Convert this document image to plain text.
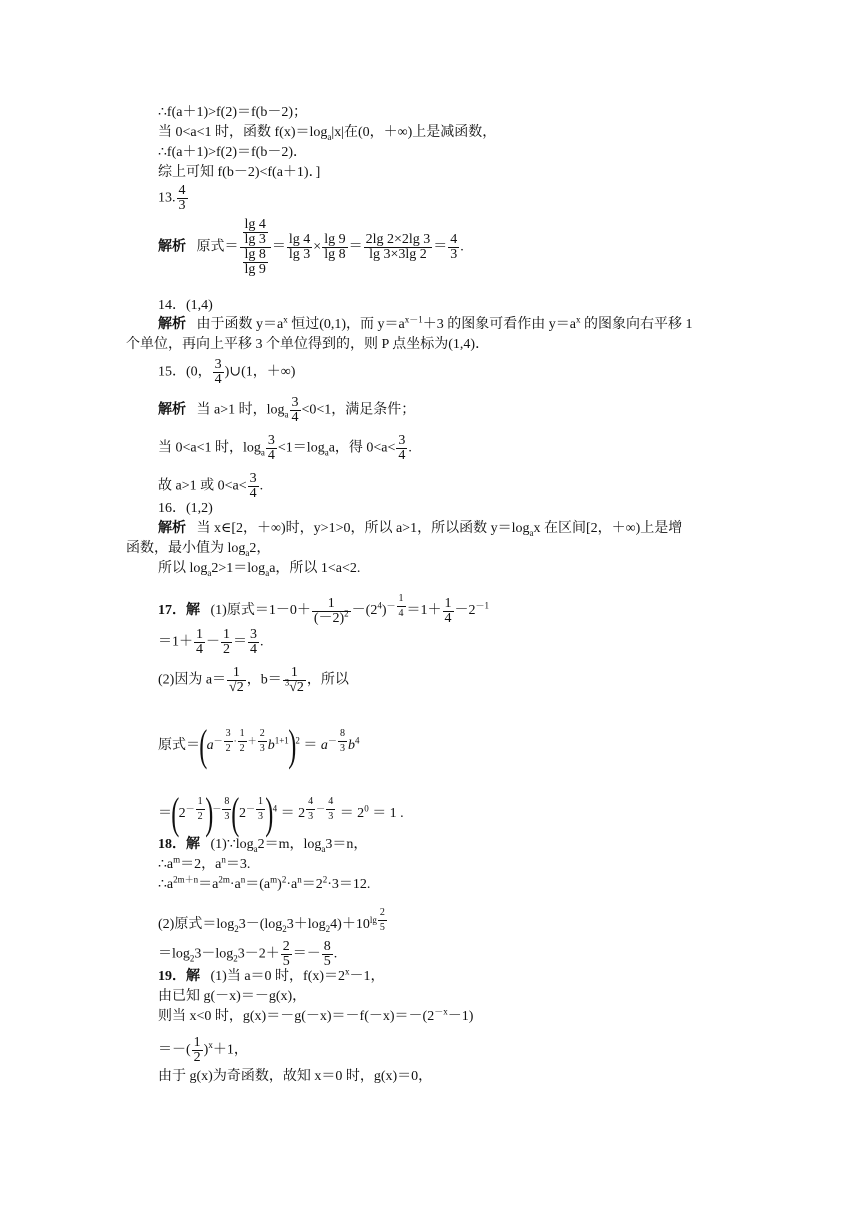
∴f(a＋1)>f(2)＝f(b－2)；
当 0<a<1 时，函数 $f(x)=\log_a|x|$在(0，＋∞)上是减函数，
∴f(a＋1)>f(2)＝f(b－2)．
综上可知 f(b－2)<f(a＋1)．]
13. $\frac{4}{3}$
解析 原式＝ $\frac{\frac{\lg 4}{\lg 3}}{\frac{\lg 8}{\lg 9}} = \frac{\lg 4}{\lg 3} \times \frac{\lg 9}{\lg 8} = \frac{2\lg 2\times 2\lg 3}{\lg 3\times 3\lg 2} = \frac{4}{3}$ .
14．(1,4)
解析 由于函数 $y=a^x$ 恒过(0,1)，而 $y=a^{x-1}+3$ 的图象可看作由 $y=a^x$ 的图象向右平移 1
个单位，再向上平移 3 个单位得到的，则 P 点坐标为(1,4)．
15．(0， $\frac{3}{4}$ )∪(1，＋∞)
解析 当 a>1 时，$\log_a \frac{3}{4} <0<1$，满足条件；
当 0<a<1 时，$\log_a \frac{3}{4} <1=\log_aa$，得 $0<a< \frac{3}{4}$ .
故 a>1 或 $0<a< \frac{3}{4}$ .
16．(1,2)
解析 当 x∈[2，＋∞)时，y>1>0，所以 a>1，所以函数 $y=\log_ax$ 在区间[2，＋∞)上是增
函数，最小值为 $\log_a2$，
所以 $\log_a2>1=\log_aa$，所以 1<a<2.
17．解 (1)原式$=1-0+ \frac{1}{(-2)^2} -(2^4)^{- \frac{1}{4}} =1+ \frac{1}{4} -2^{-1}$
$=1+ \frac{1}{4} - \frac{1}{2} = \frac{3}{4}$ .
(2)因为 $a= \frac{1}{√2}$ ，$b= \frac{1}{^3√2}$ ，所以
原式$=(a^{- \frac{3}{2} \cdot \frac{1}{2} + \frac{2}{3}}$ $b^{1+1})^2 = a^{- \frac{8}{3}}$ $b^4$
$=(2^{- \frac{1}{2}}$ )$^{- \frac{8}{3}}$ ($2^{- \frac{1}{3}}$ )$^4$ ＝ 2 $^{\frac{4}{3} - \frac{4}{3}} = 2^0 = 1$ .
18．解 $(1)\because\log_a2=m$，$\log_a3=n$，
$\therefore a^m=2$，$a^n=3$.
$\therefore a^{2m+n}=a^{2m}\cdot a^n=(a^m)^2\cdot a^n=2^2\cdot 3=12$.
(2)原式$=\log_23-(\log_23+\log_24)+10^{lg \frac{2}{5}}$
$=\log_23-\log_23-2+ \frac{2}{5} =- \frac{8}{5}$ .
19．解 (1)当 a＝0 时，$f(x)=2^x-1$，
由已知 g(－x)＝－g(x)，
则当 x<0 时，$g(x)=-g(-x)=-f(-x)=-(2^{-x}-1)$
＝－( $\frac{1}{2} )^x+1$，
由于 g(x)为奇函数，故知 x＝0 时，g(x)＝0，
